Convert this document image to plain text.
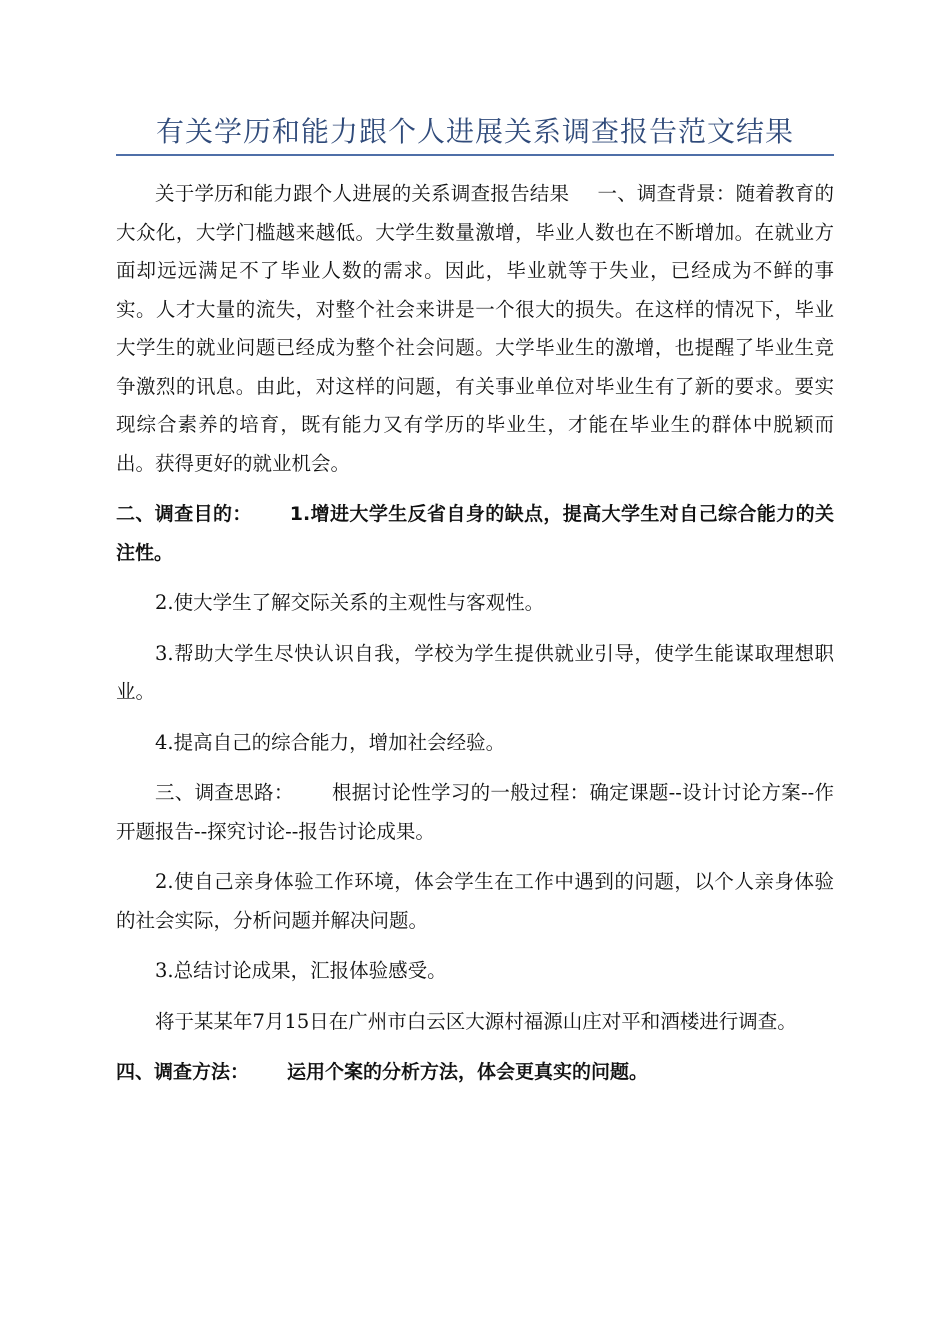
有关学历和能力跟个人进展关系调查报告范文结果

关于学历和能力跟个人进展的关系调查报告结果 一、调查背景：随着教育的大众化，大学门槛越来越低。大学生数量激增，毕业人数也在不断增加。在就业方面却远远满足不了毕业人数的需求。因此，毕业就等于失业，已经成为不鲜的事实。人才大量的流失，对整个社会来讲是一个很大的损失。在这样的情况下，毕业大学生的就业问题已经成为整个社会问题。大学毕业生的激增，也提醒了毕业生竞争激烈的讯息。由此，对这样的问题，有关事业单位对毕业生有了新的要求。要实现综合素养的培育，既有能力又有学历的毕业生，才能在毕业生的群体中脱颖而出。获得更好的就业机会。

二、调查目的： 1.增进大学生反省自身的缺点，提高大学生对自己综合能力的关注性。

2.使大学生了解交际关系的主观性与客观性。

3.帮助大学生尽快认识自我，学校为学生提供就业引导，使学生能谋取理想职业。

4.提高自己的综合能力，增加社会经验。

三、调查思路： 根据讨论性学习的一般过程：确定课题--设计讨论方案--作开题报告--探究讨论--报告讨论成果。

2.使自己亲身体验工作环境，体会学生在工作中遇到的问题，以个人亲身体验的社会实际，分析问题并解决问题。

3.总结讨论成果，汇报体验感受。

将于某某年7月15日在广州市白云区大源村福源山庄对平和酒楼进行调查。

四、调查方法： 运用个案的分析方法，体会更真实的问题。
